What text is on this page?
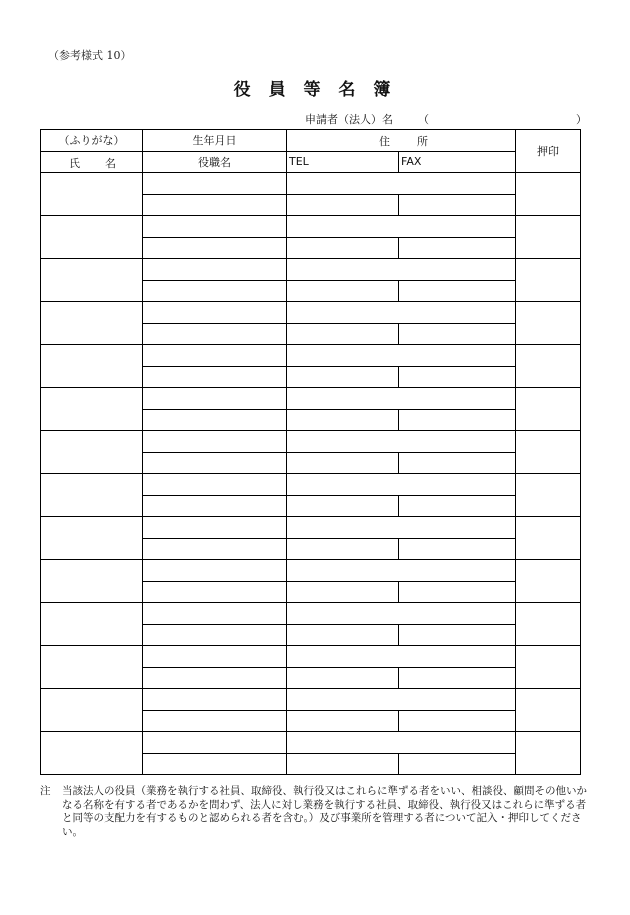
（参考様式 10）
役 員 等 名 簿
申請者（法人）名 （	）
（ふりがな）	生年月日	住 所		押印

氏 名	役職名	TEL	FAX	

注 当該法人の役員（業務を執行する社員、取締役、執行役又はこれらに準ずる者をいい、相談役、顧問その他いかなる名称を有する者であるかを問わず、法人に対し業務を執行する社員、取締役、執行役又はこれらに準ずる者と同等の支配力を有するものと認められる者を含む。）及び事業所を管理する者について記入・押印してください。
